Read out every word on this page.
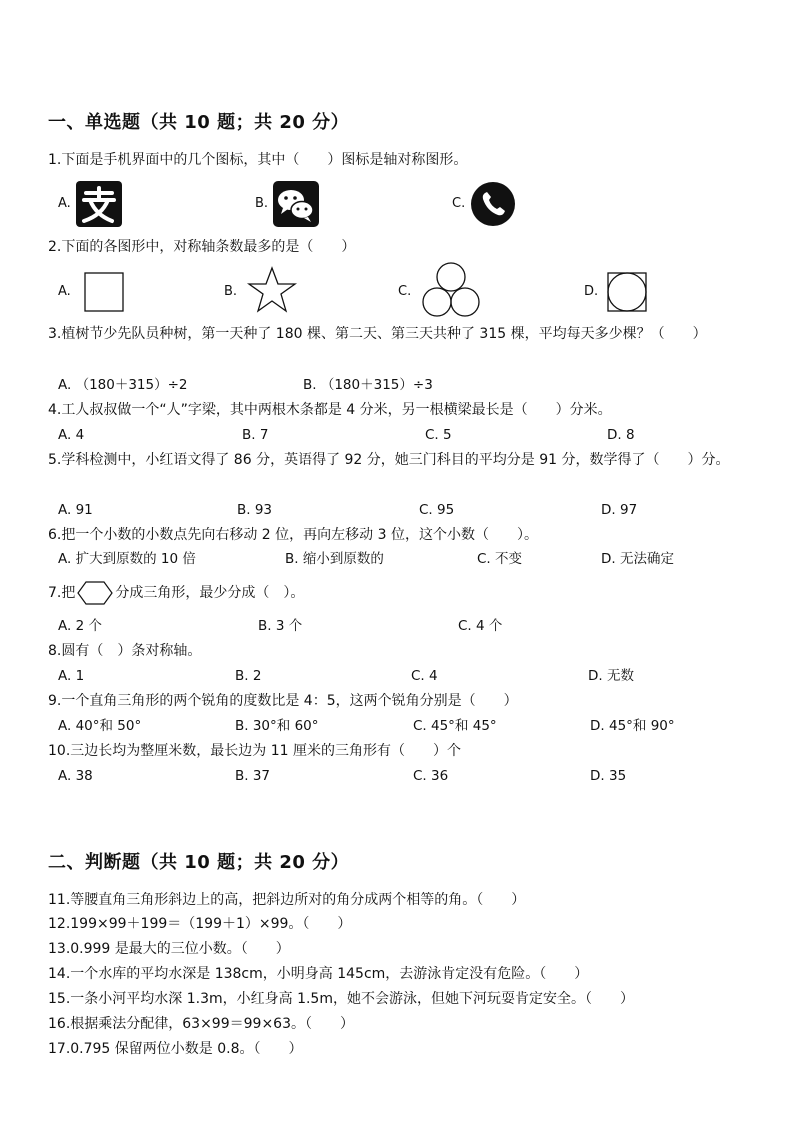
一、单选题（共 10 题；共 20 分）
1.下面是手机界面中的几个图标，其中（　　）图标是轴对称图形。
A.	B.	C.
2.下面的各图形中，对称轴条数最多的是（　　）
A.	B.	C.	D.
3.植树节少先队员种树，第一天种了 180 棵、第二天、第三天共种了 315 棵，平均每天多少棵？（　　）
A. （180＋315）÷2	B. （180＋315）÷3
4.工人叔叔做一个“人”字梁，其中两根木条都是 4 分米，另一根横梁最长是（　　）分米。
A. 4	B. 7	C. 5	D. 8
5.学科检测中，小红语文得了 86 分，英语得了 92 分，她三门科目的平均分是 91 分，数学得了（　　）分。
A. 91	B. 93	C. 95	D. 97
6.把一个小数的小数点先向右移动 2 位，再向左移动 3 位，这个小数（　　）。
A. 扩大到原数的 10 倍	B. 缩小到原数的	C. 不变	D. 无法确定
7.把	分成三角形，最少分成（　）。
A. 2 个	B. 3 个	C. 4 个
8.圆有（　）条对称轴。
A. 1	B. 2	C. 4	D. 无数
9.一个直角三角形的两个锐角的度数比是 4：5，这两个锐角分别是（　　）
A. 40°和 50°	B. 30°和 60°	C. 45°和 45°	D. 45°和 90°
10.三边长均为整厘米数，最长边为 11 厘米的三角形有（　　）个
A. 38	B. 37	C. 36	D. 35
二、判断题（共 10 题；共 20 分）
11.等腰直角三角形斜边上的高，把斜边所对的角分成两个相等的角。（　　）
12.199×99＋199＝（199＋1）×99。（　　）
13.0.999 是最大的三位小数。（　　）
14.一个水库的平均水深是 138cm，小明身高 145cm，去游泳肯定没有危险。（　　）
15.一条小河平均水深 1.3m，小红身高 1.5m，她不会游泳，但她下河玩耍肯定安全。（　　）
16.根据乘法分配律，63×99＝99×63。（　　）
17.0.795 保留两位小数是 0.8。（　　）
